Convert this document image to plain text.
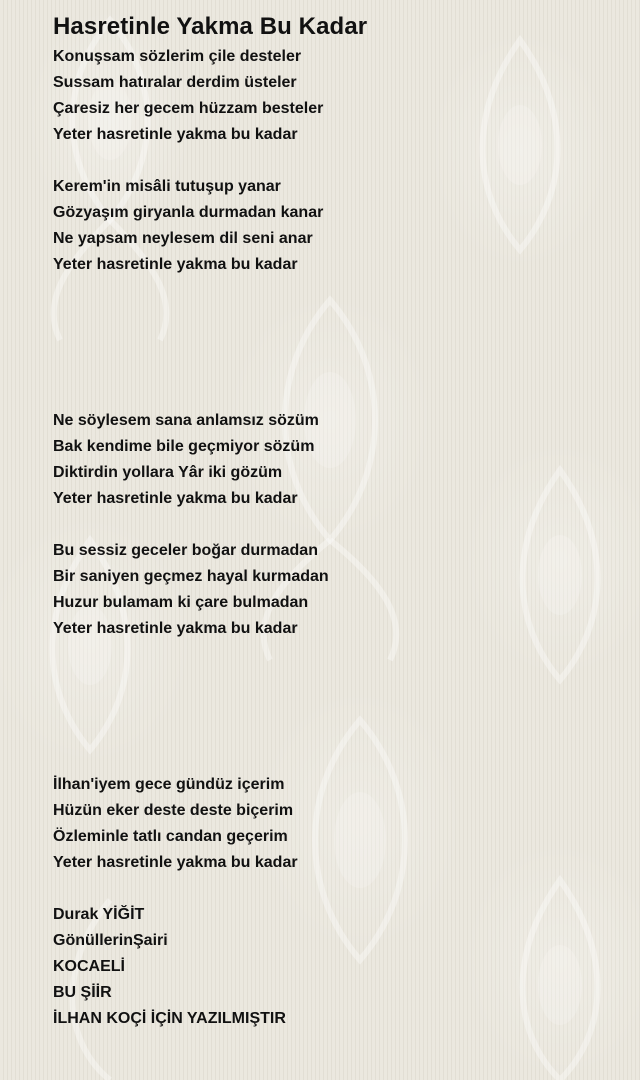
Hasretinle Yakma Bu Kadar
Konuşsam sözlerim çile desteler
Sussam hatıralar derdim üsteler
Çaresiz her gecem hüzzam besteler
Yeter hasretinle yakma bu kadar
Kerem'in misâli tutuşup yanar
Gözyaşım giryanla durmadan kanar
Ne yapsam neylesem dil seni anar
Yeter hasretinle yakma bu kadar
Ne söylesem sana anlamsız sözüm
Bak kendime bile geçmiyor sözüm
Diktirdin yollara Yâr iki gözüm
Yeter hasretinle yakma bu kadar
Bu sessiz geceler boğar durmadan
Bir saniyen geçmez hayal kurmadan
Huzur bulamam ki çare bulmadan
Yeter hasretinle yakma bu kadar
İlhan'iyem gece gündüz içerim
Hüzün eker deste deste biçerim
Özleminle tatlı candan geçerim
Yeter hasretinle yakma bu kadar
Durak YİĞİT
GönüllerinŞairi
KOCAELİ
BU ŞİİR
İLHAN KOÇİ İÇİN YAZILMIŞTIR
